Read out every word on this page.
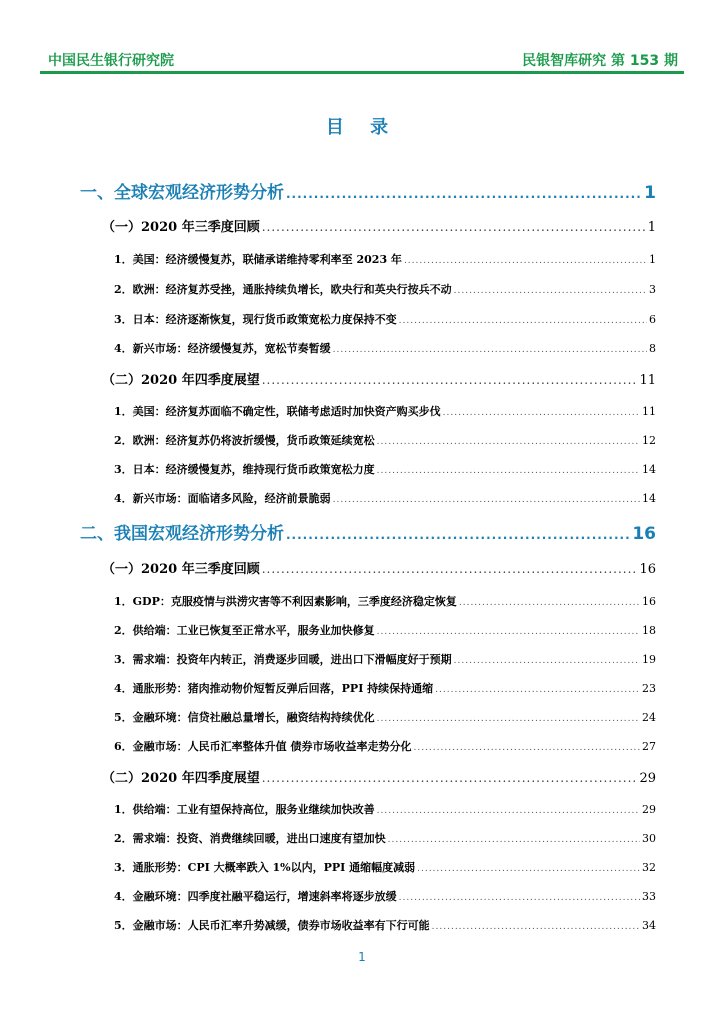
中国民生银行研究院	民银智库研究 第 153 期
目 录
一、全球宏观经济形势分析 .....	1
（一）2020 年三季度回顾 .....	1
1．美国：经济缓慢复苏，联储承诺维持零利率至 2023 年 .....	1
2．欧洲：经济复苏受挫，通胀持续负增长，欧央行和英央行按兵不动 .....	3
3．日本：经济逐渐恢复，现行货币政策宽松力度保持不变 .....	6
4．新兴市场：经济缓慢复苏，宽松节奏暂缓 .....	8
（二）2020 年四季度展望 .....	11
1．美国：经济复苏面临不确定性，联储考虑适时加快资产购买步伐 .....	11
2．欧洲：经济复苏仍将波折缓慢，货币政策延续宽松 .....	12
3．日本：经济缓慢复苏，维持现行货币政策宽松力度 .....	14
4．新兴市场：面临诸多风险，经济前景脆弱 .....	14
二、我国宏观经济形势分析 .....	16
（一）2020 年三季度回顾 .....	16
1．GDP：克服疫情与洪涝灾害等不利因素影响，三季度经济稳定恢复 .....	16
2．供给端：工业已恢复至正常水平，服务业加快修复 .....	18
3．需求端：投资年内转正，消费逐步回暖，进出口下滑幅度好于预期 .....	19
4．通胀形势：猪肉推动物价短暂反弹后回落，PPI 持续保持通缩 .....	23
5．金融环境：信贷社融总量增长，融资结构持续优化 .....	24
6．金融市场：人民币汇率整体升值 债券市场收益率走势分化 .....	27
（二）2020 年四季度展望 .....	29
1．供给端：工业有望保持高位，服务业继续加快改善 .....	29
2．需求端：投资、消费继续回暖，进出口速度有望加快 .....	30
3．通胀形势：CPI 大概率跌入 1%以内，PPI 通缩幅度减弱 .....	32
4．金融环境：四季度社融平稳运行，增速斜率将逐步放缓 .....	33
5．金融市场：人民币汇率升势减缓，债券市场收益率有下行可能 .....	34
1
